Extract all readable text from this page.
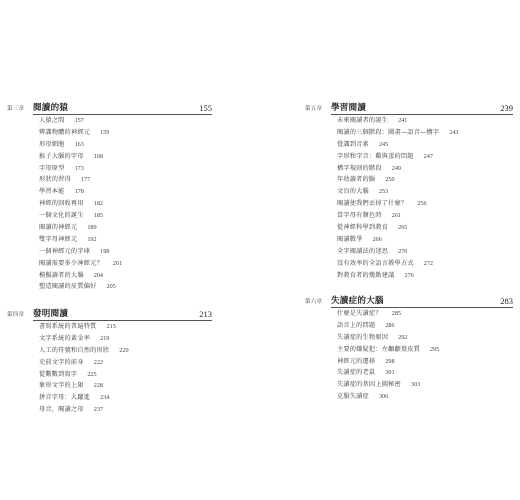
第三章 閱讀的猿	155
人猿之間 157
辨識物體的神經元 159
形母細胞 163
猴子大腦的字母 168
字母原型 173
形狀的習得 177
學習本能 178
神經的回收再用 182
一個文化的誕生 185
閱讀的神經元 189
雙字母神經元 192
一個神經元的字庫 198
閱讀需要多少神經元？ 201
模擬讀者的大腦 204
塑造閱讀的皮質偏好 205
第四章 發明閱讀	213
書寫系統的普遍特質 215
文字系統的黃金率 219
人工的符號和自然的形狀 220
史前文字的前身 222
從數數到寫字 225
象形文字的上限 228
拼音字母：大躍進 234
母音，閱讀之母 237
第五章 學習閱讀	239
未來閱讀者的誕生 241
閱讀的三個階段：圖畫—語音—構字 243
覺識到音素 245
字形和字音：雞與蛋的問題 247
構字規則的階段 249
年幼讀者的腦 250
文盲的大腦 253
閱讀使我們丟掉了什麼？ 256
當字母有顏色時 261
從神經科學到教育 265
閱讀戰爭 266
全字閱讀法的迷思 270
沒有效率的全語言教學方式 272
對教育者的幾點建議 276
第六章 失讀症的大腦	283
什麼是失讀症？ 285
語音上的問題 286
失讀症的生物原因 292
主要的嫌疑犯：左顳顱葉皮質 295
神經元的遷移 298
失讀症的老鼠 301
失讀症的基因上圖秘密 303
克服失讀症 306
